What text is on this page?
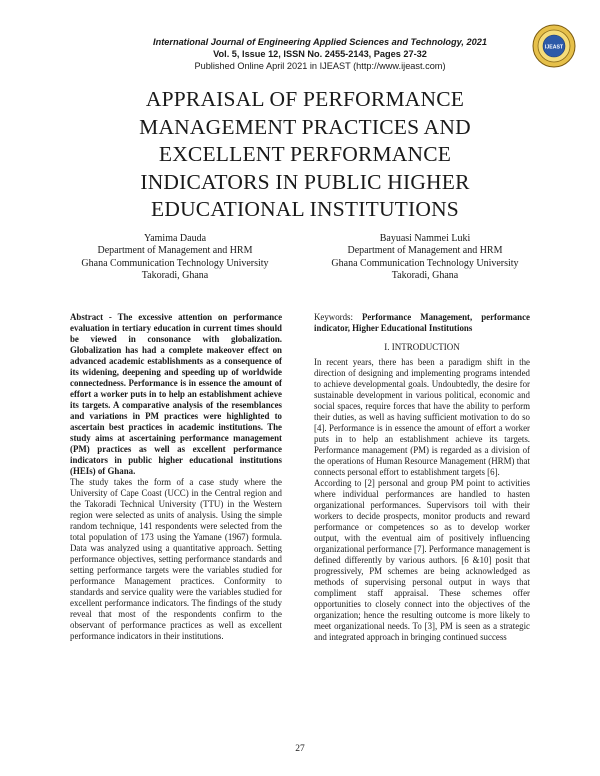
International Journal of Engineering Applied Sciences and Technology, 2021
Vol. 5, Issue 12, ISSN No. 2455-2143, Pages 27-32
Published Online April 2021 in IJEAST (http://www.ijeast.com)
IJEAST
APPRAISAL OF PERFORMANCE
MANAGEMENT PRACTICES AND
EXCELLENT PERFORMANCE
INDICATORS IN PUBLIC HIGHER
EDUCATIONAL INSTITUTIONS
Yamima Dauda
Department of Management and HRM
Ghana Communication Technology University
Takoradi, Ghana
Bayuasi Nammei Luki
Department of Management and HRM
Ghana Communication Technology University
Takoradi, Ghana

Abstract - The excessive attention on performance evaluation in tertiary education in current times should be viewed in consonance with globalization. Globalization has had a complete makeover effect on advanced academic establishments as a consequence of its widening, deepening and speeding up of worldwide connectedness. Performance is in essence the amount of effort a worker puts in to help an establishment achieve its targets. A comparative analysis of the resemblances and variations in PM practices were highlighted to ascertain best practices in academic institutions. The study aims at ascertaining performance management (PM) practices as well as excellent performance indicators in public higher educational institutions (HEIs) of Ghana.

The study takes the form of a case study where the University of Cape Coast (UCC) in the Central region and the Takoradi Technical University (TTU) in the Western region were selected as units of analysis. Using the simple random technique, 141 respondents were selected from the total population of 173 using the Yamane (1967) formula. Data was analyzed using a quantitative approach. Setting performance objectives, setting performance standards and setting performance targets were the variables studied for performance Management practices. Conformity to standards and service quality were the variables studied for excellent performance indicators. The findings of the study reveal that most of the respondents confirm to the observant of performance practices as well as excellent performance indicators in their institutions.

Keywords: Performance Management, performance indicator, Higher Educational Institutions

I. INTRODUCTION

In recent years, there has been a paradigm shift in the direction of designing and implementing programs intended to achieve developmental goals. Undoubtedly, the desire for sustainable development in various political, economic and social spaces, require forces that have the ability to perform their duties, as well as having sufficient motivation to do so [4]. Performance is in essence the amount of effort a worker puts in to help an establishment achieve its targets. Performance management (PM) is regarded as a division of the operations of Human Resource Management (HRM) that connects personal effort to establishment targets [6].

According to [2] personal and group PM point to activities where individual performances are handled to hasten organizational performances. Supervisors toil with their workers to decide prospects, monitor products and reward performance or competences so as to develop worker output, with the eventual aim of positively influencing organizational performance [7]. Performance management is defined differently by various authors. [6 &10] posit that progressively, PM schemes are being acknowledged as methods of supervising personal output in ways that compliment staff appraisal. These schemes offer opportunities to closely connect into the objectives of the organization; hence the resulting outcome is more likely to meet organizational needs. To [3], PM is seen as a strategic and integrated approach in bringing continued success

27
